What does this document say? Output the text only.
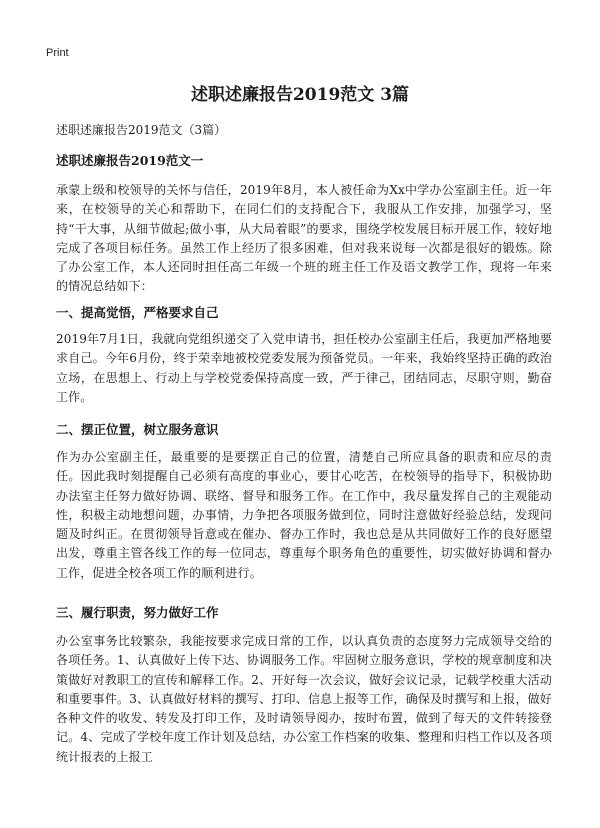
Print
述职述廉报告2019范文 3篇

述职述廉报告2019范文（3篇）

述职述廉报告2019范文一

承蒙上级和校领导的关怀与信任，2019年8月，本人被任命为Xx中学办公室副主任。近一年来，在校领导的关心和帮助下，在同仁们的支持配合下，我服从工作安排，加强学习，坚持“干大事，从细节做起;做小事，从大局着眼”的要求，围绕学校发展目标开展工作，较好地完成了各项目标任务。虽然工作上经历了很多困难，但对我来说每一次都是很好的锻炼。除了办公室工作，本人还同时担任高二年级一个班的班主任工作及语文教学工作，现将一年来的情况总结如下：

一、提高觉悟，严格要求自己

2019年7月1日，我就向党组织递交了入党申请书，担任校办公室副主任后，我更加严格地要求自己。今年6月份，终于荣幸地被校党委发展为预备党员。一年来，我始终坚持正确的政治立场，在思想上、行动上与学校党委保持高度一致，严于律己，团结同志，尽职守则，勤奋工作。

二、摆正位置，树立服务意识

作为办公室副主任，最重要的是要摆正自己的位置，清楚自己所应具备的职责和应尽的责任。因此我时刻提醒自己必须有高度的事业心，要甘心吃苦，在校领导的指导下，积极协助办法室主任努力做好协调、联络、督导和服务工作。在工作中，我尽量发挥自己的主观能动性，积极主动地想问题，办事情，力争把各项服务做到位，同时注意做好经验总结，发现问题及时纠正。在贯彻领导旨意或在催办、督办工作时，我也总是从共同做好工作的良好愿望出发，尊重主管各线工作的每一位同志，尊重每个职务角色的重要性，切实做好协调和督办工作，促进全校各项工作的顺利进行。

三、履行职责，努力做好工作

办公室事务比较繁杂，我能按要求完成日常的工作，以认真负责的态度努力完成领导交给的各项任务。1、认真做好上传下达、协调服务工作。牢固树立服务意识，学校的规章制度和决策做好对教职工的宣传和解释工作。2、开好每一次会议，做好会议记录，记载学校重大活动和重要事件。3、认真做好材料的撰写、打印、信息上报等工作，确保及时撰写和上报，做好各种文件的收发、转发及打印工作，及时请领导阅办，按时布置，做到了每天的文件转接登记。4、完成了学校年度工作计划及总结，办公室工作档案的收集、整理和归档工作以及各项统计报表的上报工
